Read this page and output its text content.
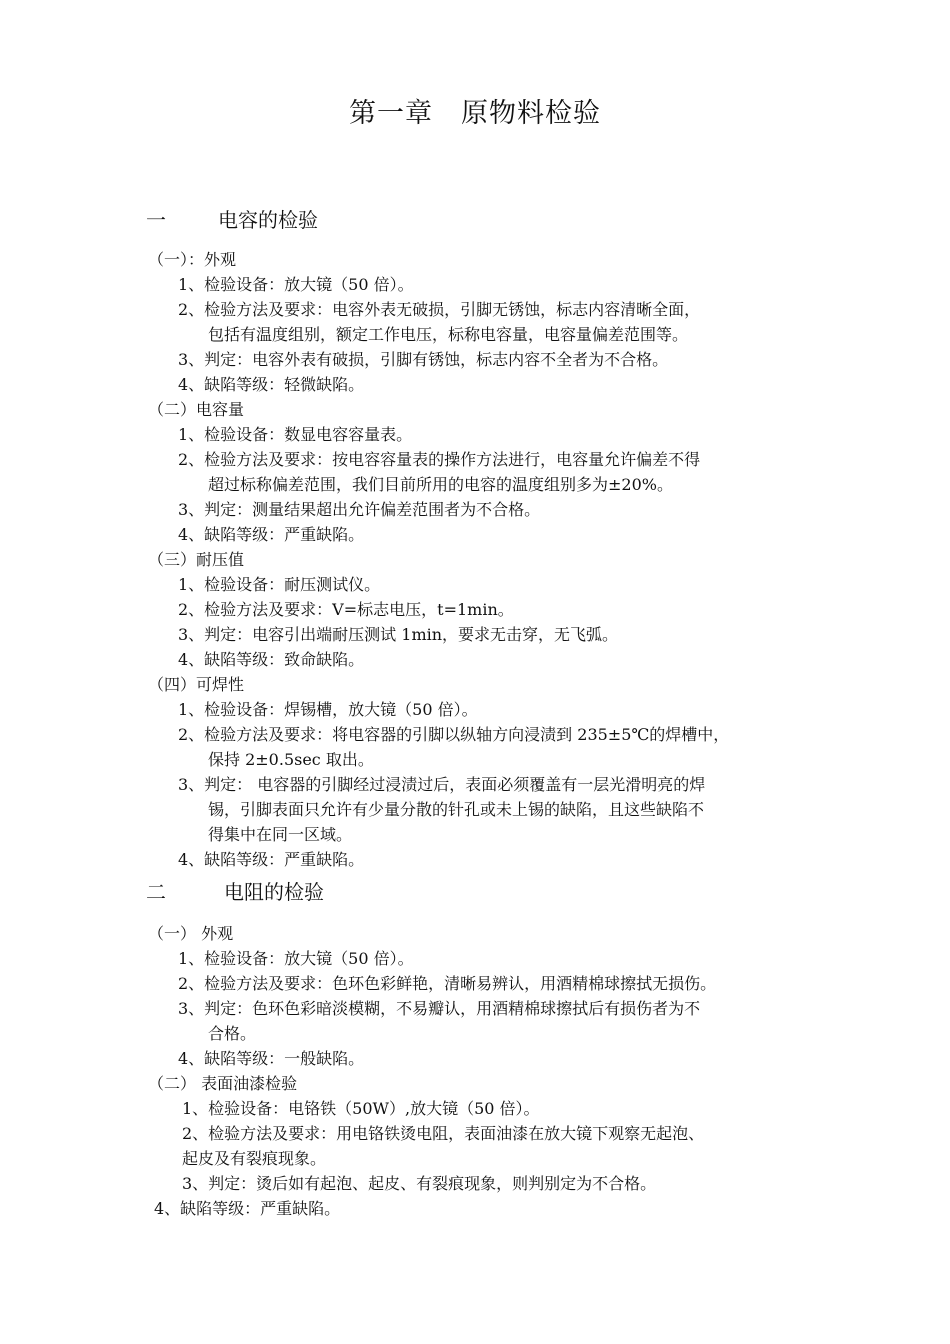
第一章　原物料检验
一	电容的检验
（一）：外观
1、检验设备：放大镜（50 倍）。
2、检验方法及要求：电容外表无破损，引脚无锈蚀，标志内容清晰全面，
包括有温度组别，额定工作电压，标称电容量，电容量偏差范围等。
3、判定：电容外表有破损，引脚有锈蚀，标志内容不全者为不合格。
4、缺陷等级：轻微缺陷。
（二）电容量
1、检验设备：数显电容容量表。
2、检验方法及要求：按电容容量表的操作方法进行，电容量允许偏差不得
超过标称偏差范围，我们目前所用的电容的温度组别多为±20%。
3、判定：测量结果超出允许偏差范围者为不合格。
4、缺陷等级：严重缺陷。
（三）耐压值
1、检验设备：耐压测试仪。
2、检验方法及要求：V=标志电压，t=1min。
3、判定：电容引出端耐压测试 1min，要求无击穿，无飞弧。
4、缺陷等级：致命缺陷。
（四）可焊性
1、检验设备：焊锡槽，放大镜（50 倍）。
2、检验方法及要求：将电容器的引脚以纵轴方向浸渍到 235±5℃的焊槽中，
保持 2±0.5sec 取出。
3、判定： 电容器的引脚经过浸渍过后，表面必须覆盖有一层光滑明亮的焊
锡，引脚表面只允许有少量分散的针孔或未上锡的缺陷，且这些缺陷不
得集中在同一区域。
4、缺陷等级：严重缺陷。
二	电阻的检验
（一） 外观
1、检验设备：放大镜（50 倍）。
2、检验方法及要求：色环色彩鲜艳，清晰易辨认，用酒精棉球擦拭无损伤。
3、判定：色环色彩暗淡模糊，不易瓣认，用酒精棉球擦拭后有损伤者为不
合格。
4、缺陷等级：一般缺陷。
（二） 表面油漆检验
1、检验设备：电铬铁（50W）,放大镜（50 倍）。
2、检验方法及要求：用电铬铁烫电阻，表面油漆在放大镜下观察无起泡、
起皮及有裂痕现象。
3、判定：烫后如有起泡、起皮、有裂痕现象，则判别定为不合格。
4、缺陷等级：严重缺陷。
